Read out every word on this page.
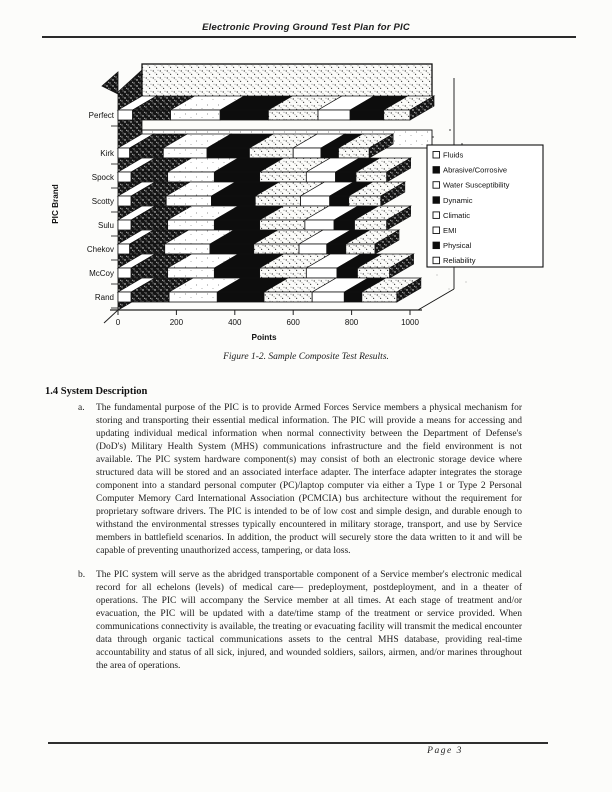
Electronic Proving Ground Test Plan for PIC
Perfect
Kirk
Spock
Scotty
Sulu
Chekov
McCoy
Rand
0	200	400	600	800	1000
Points
PIC Brand
Fluids
Abrasive/Corrosive
Water Susceptibility
Dynamic
Climatic
EMI
Physical
Reliability
Figure 1-2. Sample Composite Test Results.
1.4 System Description
a.	The fundamental purpose of the PIC is to provide Armed Forces Service members a physical mechanism for storing and transporting their essential medical information. The PIC will provide a means for accessing and updating individual medical information when normal connectivity between the Department of Defense's (DoD's) Military Health System (MHS) communications infrastructure and the field environment is not available. The PIC system hardware component(s) may consist of both an electronic storage device where structured data will be stored and an associated interface adapter. The interface adapter integrates the storage component into a standard personal computer (PC)/laptop computer via either a Type 1 or Type 2 Personal Computer Memory Card International Association (PCMCIA) bus architecture without the requirement for proprietary software drivers. The PIC is intended to be of low cost and simple design, and durable enough to withstand the environmental stresses typically encountered in military storage, transport, and use by Service members in battlefield scenarios. In addition, the product will securely store the data written to it and will be capable of preventing unauthorized access, tampering, or data loss.
b.	The PIC system will serve as the abridged transportable component of a Service member's electronic medical record for all echelons (levels) of medical care— predeployment, postdeployment, and in a theater of operations. The PIC will accompany the Service member at all times. At each stage of treatment and/or evacuation, the PIC will be updated with a date/time stamp of the treatment or service provided. When communications connectivity is available, the treating or evacuating facility will transmit the medical encounter data through organic tactical communications assets to the central MHS database, providing real-time accountability and status of all sick, injured, and wounded soldiers, sailors, airmen, and/or marines throughout the area of operations.
Page 3
